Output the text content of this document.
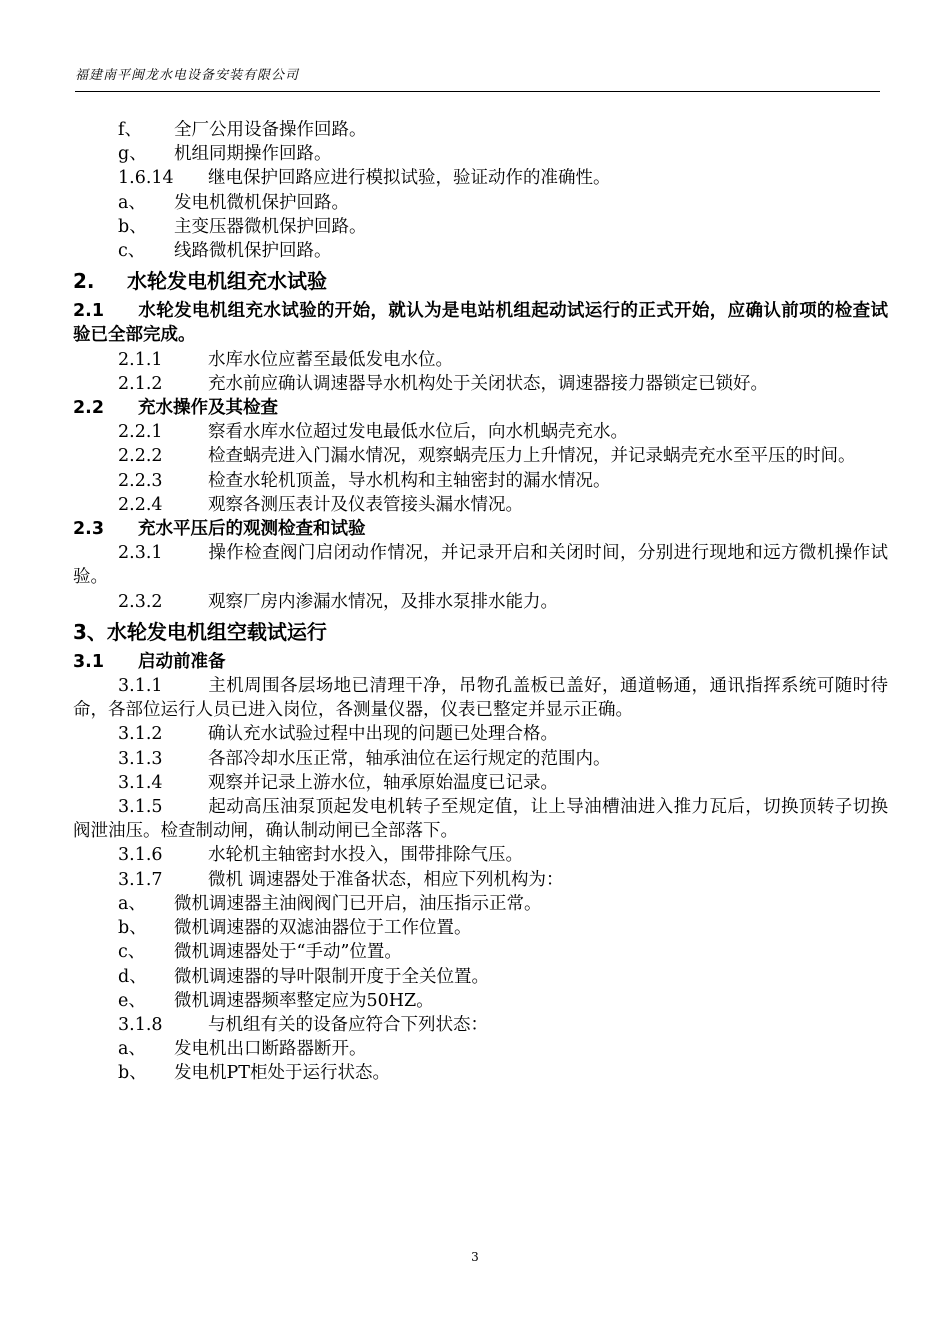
福建南平闽龙水电设备安装有限公司
f、 全厂公用设备操作回路。
g、 机组同期操作回路。
1.6.14 继电保护回路应进行模拟试验，验证动作的准确性。
a、 发电机微机保护回路。
b、 主变压器微机保护回路。
c、 线路微机保护回路。
2. 水轮发电机组充水试验
2.1 水轮发电机组充水试验的开始，就认为是电站机组起动试运行的正式开始，应确认前项的检查试验已全部完成。
2.1.1	水库水位应蓄至最低发电水位。
2.1.2	充水前应确认调速器导水机构处于关闭状态，调速器接力器锁定已锁好。
2.2 充水操作及其检查
2.2.1	察看水库水位超过发电最低水位后，向水机蜗壳充水。
2.2.2	检查蜗壳进入门漏水情况，观察蜗壳压力上升情况，并记录蜗壳充水至平压的时间。
2.2.3	检查水轮机顶盖，导水机构和主轴密封的漏水情况。
2.2.4	观察各测压表计及仪表管接头漏水情况。
2.3 充水平压后的观测检查和试验
2.3.1	操作检查阀门启闭动作情况，并记录开启和关闭时间，分别进行现地和远方微机操作试验。
2.3.2	观察厂房内渗漏水情况，及排水泵排水能力。
3、水轮发电机组空载试运行
3.1 启动前准备
3.1.1	主机周围各层场地已清理干净，吊物孔盖板已盖好，通道畅通，通讯指挥系统可随时待命，各部位运行人员已进入岗位，各测量仪器，仪表已整定并显示正确。
3.1.2	确认充水试验过程中出现的问题已处理合格。
3.1.3	各部冷却水压正常，轴承油位在运行规定的范围内。
3.1.4	观察并记录上游水位，轴承原始温度已记录。
3.1.5	起动高压油泵顶起发电机转子至规定值，让上导油槽油进入推力瓦后，切换顶转子切换阀泄油压。检查制动闸，确认制动闸已全部落下。
3.1.6	水轮机主轴密封水投入，围带排除气压。
3.1.7	微机 调速器处于准备状态，相应下列机构为：
a、 微机调速器主油阀阀门已开启，油压指示正常。
b、 微机调速器的双滤油器位于工作位置。
c、 微机调速器处于“手动”位置。
d、 微机调速器的导叶限制开度于全关位置。
e、 微机调速器频率整定应为50HZ。
3.1.8	与机组有关的设备应符合下列状态：
a、 发电机出口断路器断开。
b、 发电机PT柜处于运行状态。
3
